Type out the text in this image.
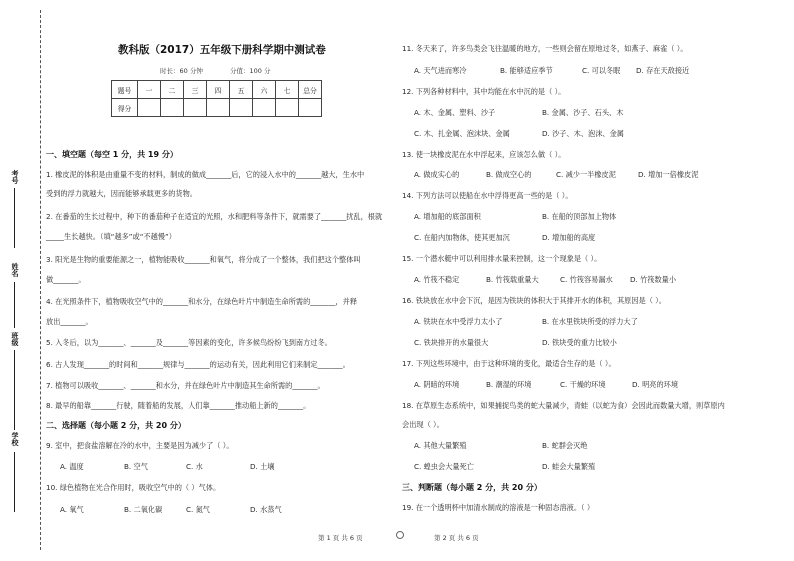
考号
姓名
班级
学校
教科版（2017）五年级下册科学期中测试卷
时长：60 分钟	分值：100 分
题号	一	二	三	四	五	六	七	总分
得分								
一、填空题（每空 1 分，共 19 分）
1. 橡皮泥的体积是由重量不变的材料，制成的做成_______后，它的浸入水中的_______越大，生水中
受到的浮力就越大，因而能够承载更多的货物。
2. 在番茄的生长过程中，种下的番茄种子在适宜的光照，水和肥料等条件下，就需要了_______扰乱，根就
_____生长越快。（填“越多”或“不越慢”）
3. 阳光是生物的重要能源之一，植物能吸收_______和氧气，将分成了一个整体，我们把这个整体叫
做_______。
4. 在光照条件下，植物吸收空气中的_______和水分，在绿色叶片中制造生命所需的_______，并释
放出_______。
5. 入冬后，以为_______、_______及_______等因素的变化，许多候鸟纷纷飞到南方过冬。
6. 古人发现_______的时间和_______规律与_______的运动有关，因此利用它们来制定_______。
7. 植物可以吸收_______、_______和水分，并在绿色叶片中制造其生命所需的_______。
8. 最早的船靠_______行驶，随着船的发展，人们靠_______推动船上新的_______。
二、选择题（每小题 2 分，共 20 分）
9. 室中，把食盐溶解在冷的水中，主要是因为减少了（ ）。
A. 温度	B. 空气	C. 水	D. 土壤
10. 绿色植物在光合作用时，吸收空气中的（ ）气体。
A. 氧气	B. 二氧化碳	C. 氮气	D. 水蒸气
11. 冬天来了，许多鸟类会飞往温暖的地方，一些则会留在原地过冬，如燕子、麻雀（ ）。
A. 天气进而寒冷	B. 能够适应季节	C. 可以冬眠 D. 存在天敌接近
12. 下列各种材料中，其中均能在水中沉的是（ ）。
A. 木、金属、塑料、沙子	B. 金属、沙子、石头、木
C. 木、扎金属、泡沫块、金属	D. 沙子、木、泡沫、金属
13. 使一块橡皮泥在水中浮起来，应该怎么做（ ）。
A. 做成实心的	B. 做成空心的	C. 减少一半橡皮泥	D. 增加一倍橡皮泥
14. 下列方法可以使船在水中浮得更高一些的是（ ）。
A. 增加船的底部面积	B. 在船的顶部加上物体
C. 在船内加物体，使其更加沉	D. 增加船的高度
15. 一个潜水艇中可以利用排水量来控制，这一个现象是（ ）。
A. 竹筏不稳定	B. 竹筏载重量大	C. 竹筏容易漏水 D. 竹筏数量小
16. 铁块放在水中会下沉，是因为铁块的体积大于其排开水的体积，其原因是（ ）。
A. 铁块在水中受浮力太小了	B. 在水里铁块所受的浮力大了
C. 铁块排开的水量很大	D. 铁块受的重力比较小
17. 下列这些环境中，由于这种环境的变化，最适合生存的是（ ）。
A. 阴暗的环境	B. 潮湿的环境	C. 干燥的环境	D. 明亮的环境
18. 在草原生态系统中，如果捕捉鸟类的蛇大量减少，青蛙（以蛇为食）会因此而数量大增，则草原内
会出现（ ）。
A. 其他大量繁殖	B. 蛇群会灭绝
C. 蝗虫会大量死亡	D. 蛙会大量繁殖
三、判断题（每小题 2 分，共 20 分）
19. 在一个透明杯中加清水制成的溶液是一种固态溶液。（ ）
第 1 页 共 6 页	第 2 页 共 6 页
